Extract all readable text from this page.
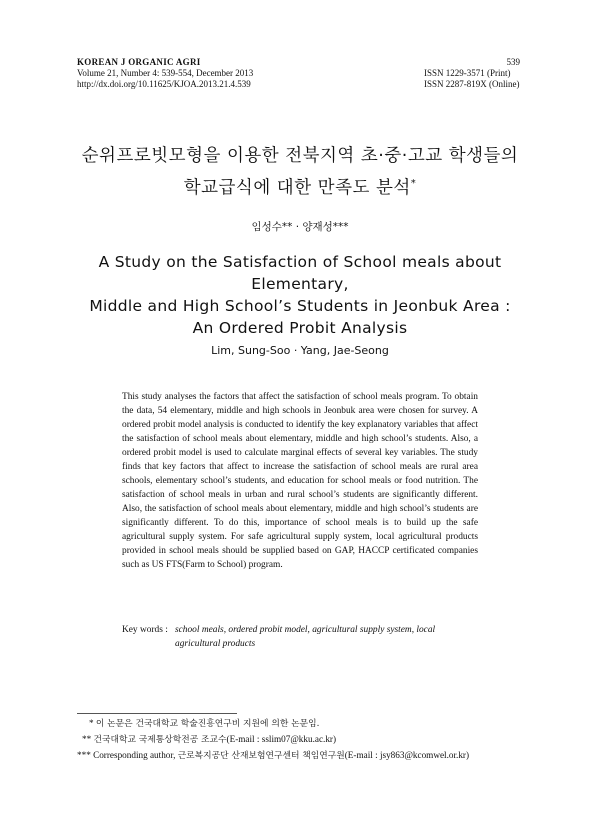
KOREAN J ORGANIC AGRI
Volume 21, Number 4: 539-554, December 2013
http://dx.doi.org/10.11625/KJOA.2013.21.4.539
539
ISSN 1229-3571 (Print)
ISSN 2287-819X (Online)
순위프로빗모형을 이용한 전북지역 초·중·고교 학생들의
학교급식에 대한 만족도 분석*
임성수** · 양재성***
A Study on the Satisfaction of School meals about Elementary,
Middle and High School’s Students in Jeonbuk Area :
An Ordered Probit Analysis
Lim, Sung-Soo · Yang, Jae-Seong
This study analyses the factors that affect the satisfaction of school meals program. To obtain the data, 54 elementary, middle and high schools in Jeonbuk area were chosen for survey. A ordered probit model analysis is conducted to identify the key explanatory variables that affect the satisfaction of school meals about elementary, middle and high school’s students. Also, a ordered probit model is used to calculate marginal effects of several key variables. The study finds that key factors that affect to increase the satisfaction of school meals are rural area schools, elementary school’s students, and education for school meals or food nutrition. The satisfaction of school meals in urban and rural school’s students are significantly different. Also, the satisfaction of school meals about elementary, middle and high school’s students are significantly different. To do this, importance of school meals is to build up the safe agricultural supply system. For safe agricultural supply system, local agricultural products provided in school meals should be supplied based on GAP, HACCP certificated companies such as US FTS(Farm to School) program.
Key words : school meals, ordered probit model, agricultural supply system, local agricultural products
* 이 논문은 건국대학교 학술진흥연구비 지원에 의한 논문임.
** 건국대학교 국제통상학전공 조교수(E-mail : sslim07@kku.ac.kr)
*** Corresponding author, 근로복지공단 산재보험연구센터 책임연구원(E-mail : jsy863@kcomwel.or.kr)
